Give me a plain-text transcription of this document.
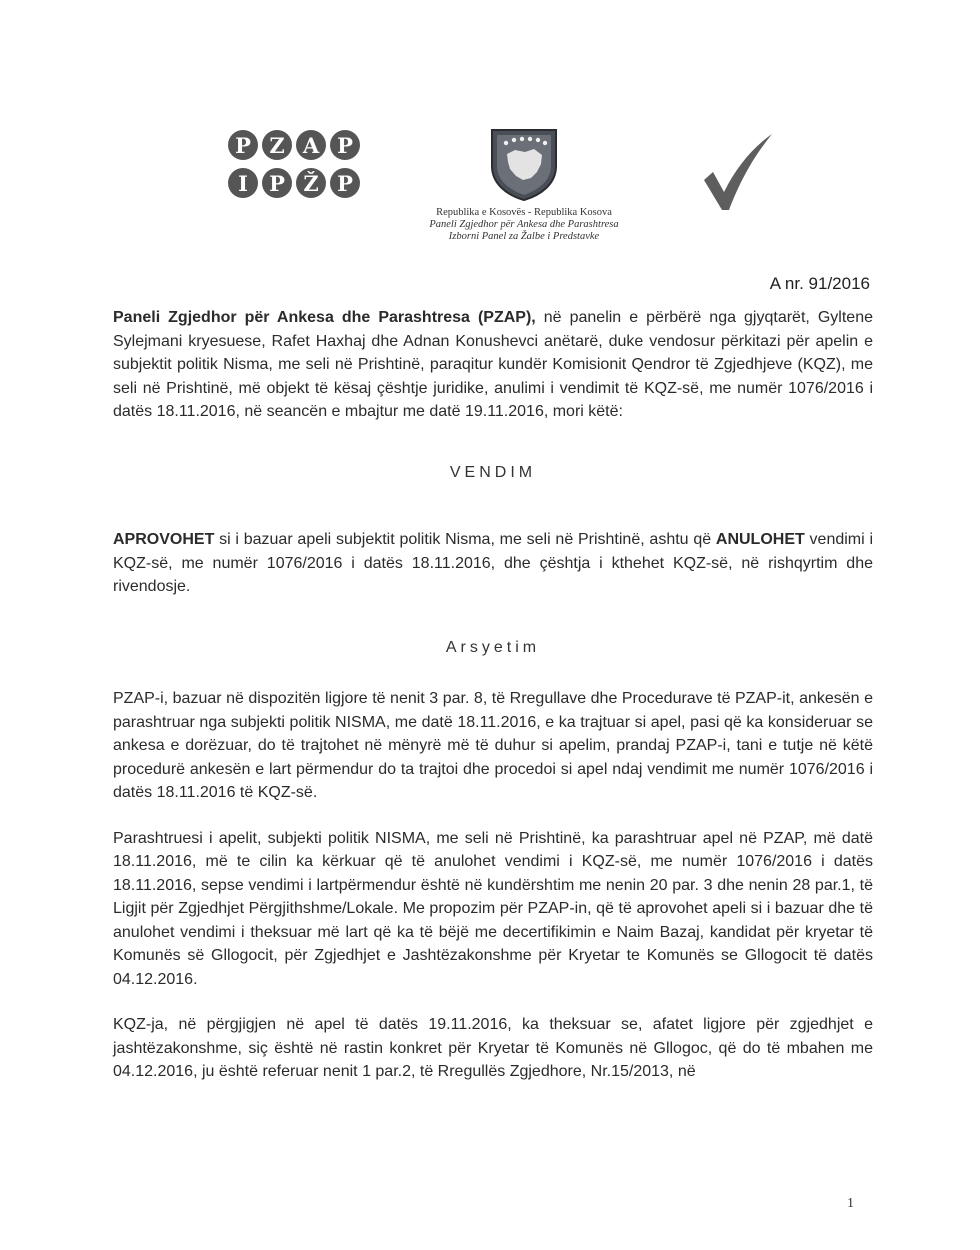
P Z A P
I	P Ž P
Republika e Kosovës - Republika Kosova
Paneli Zgjedhor për Ankesa dhe Parashtresa
Izborni Panel za Žalbe i Predstavke
A nr. 91/2016

Paneli Zgjedhor për Ankesa dhe Parashtresa (PZAP), në panelin e përbërë nga gjyqtarët, Gyltene Sylejmani kryesuese, Rafet Haxhaj dhe Adnan Konushevci anëtarë, duke vendosur përkitazi për apelin e subjektit politik Nisma, me seli në Prishtinë, paraqitur kundër Komisionit Qendror të Zgjedhjeve (KQZ), me seli në Prishtinë, më objekt të kësaj çështje juridike, anulimi i vendimit të KQZ-së, me numër 1076/2016 i datës 18.11.2016, në seancën e mbajtur me datë 19.11.2016, mori këtë:

VENDIM

APROVOHET si i bazuar apeli subjektit politik Nisma, me seli në Prishtinë, ashtu që ANULOHET vendimi i KQZ-së, me numër 1076/2016 i datës 18.11.2016, dhe çështja i kthehet KQZ-së, në rishqyrtim dhe rivendosje.

Arsyetim

PZAP-i, bazuar në dispozitën ligjore të nenit 3 par. 8, të Rregullave dhe Procedurave të PZAP-it, ankesën e parashtruar nga subjekti politik NISMA, me datë 18.11.2016, e ka trajtuar si apel, pasi që ka konsideruar se ankesa e dorëzuar, do të trajtohet në mënyrë më të duhur si apelim, prandaj PZAP-i, tani e tutje në këtë procedurë ankesën e lart përmendur do ta trajtoi dhe procedoi si apel ndaj vendimit me numër 1076/2016 i datës 18.11.2016 të KQZ-së.

Parashtruesi i apelit, subjekti politik NISMA, me seli në Prishtinë, ka parashtruar apel në PZAP, më datë 18.11.2016, më te cilin ka kërkuar që të anulohet vendimi i KQZ-së, me numër 1076/2016 i datës 18.11.2016, sepse vendimi i lartpërmendur është në kundërshtim me nenin 20 par. 3 dhe nenin 28 par.1, të Ligjit për Zgjedhjet Përgjithshme/Lokale. Me propozim për PZAP-in, që të aprovohet apeli si i bazuar dhe të anulohet vendimi i theksuar më lart që ka të bëjë me decertifikimin e Naim Bazaj, kandidat për kryetar të Komunës së Gllogocit, për Zgjedhjet e Jashtëzakonshme për Kryetar te Komunës se Gllogocit të datës 04.12.2016.

KQZ-ja, në përgjigjen në apel të datës 19.11.2016, ka theksuar se, afatet ligjore për zgjedhjet e jashtëzakonshme, siç është në rastin konkret për Kryetar të Komunës në Gllogoc, që do të mbahen me 04.12.2016, ju është referuar nenit 1 par.2, të Rregullës Zgjedhore, Nr.15/2013, në

1
